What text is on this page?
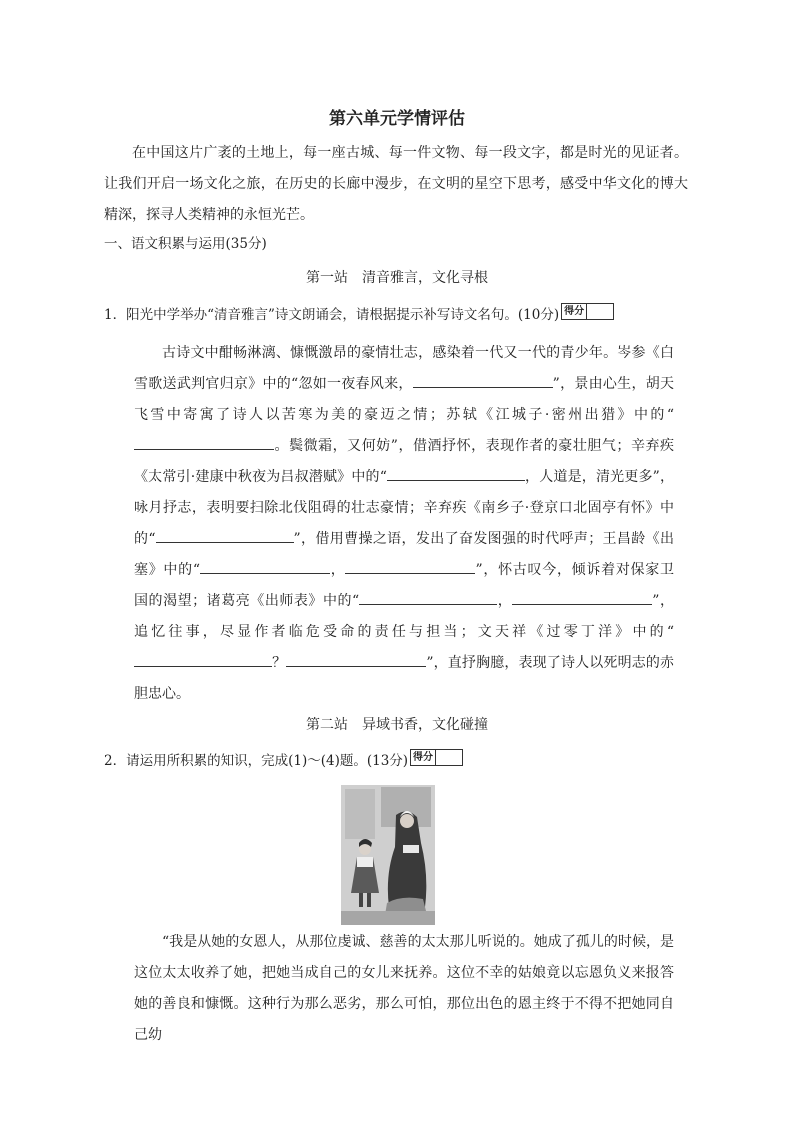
第六单元学情评估

在中国这片广袤的土地上，每一座古城、每一件文物、每一段文字，都是时光的见证者。让我们开启一场文化之旅，在历史的长廊中漫步，在文明的星空下思考，感受中华文化的博大精深，探寻人类精神的永恒光芒。

一、语文积累与运用(35分)

第一站　清音雅言，文化寻根

1．阳光中学举办“清音雅言”诗文朗诵会，请根据提示补写诗文名句。(10分) 得分

古诗文中酣畅淋漓、慷慨激昂的豪情壮志，感染着一代又一代的青少年。岑参《白雪歌送武判官归京》中的“忽如一夜春风来，	”，景由心生，胡天飞雪中寄寓了诗人以苦寒为美的豪迈之情；苏轼《江城子·密州出猎》中的“。鬓微霜，又何妨”，借酒抒怀，表现作者的豪壮胆气；辛弃疾《太常引·建康中秋夜为吕叔潜赋》中的“	，人道是，清光更多”，咏月抒志，表明要扫除北伐阻碍的壮志豪情；辛弃疾《南乡子·登京口北固亭有怀》中的“	”，借用曹操之语，发出了奋发图强的时代呼声；王昌龄《出塞》中的“	，	”，怀古叹今，倾诉着对保家卫国的渴望；诸葛亮《出师表》中的“	，	”，追忆往事，尽显作者临危受命的责任与担当；文天祥《过零丁洋》中的“？	”，直抒胸臆，表现了诗人以死明志的赤胆忠心。

第二站　异域书香，文化碰撞

2．请运用所积累的知识，完成(1)～(4)题。(13分) 得分

“我是从她的女恩人，从那位虔诚、慈善的太太那儿听说的。她成了孤儿的时候，是这位太太收养了她，把她当成自己的女儿来抚养。这位不幸的姑娘竟以忘恩负义来报答她的善良和慷慨。这种行为那么恶劣，那么可怕，那位出色的恩主终于不得不把她同自己幼
